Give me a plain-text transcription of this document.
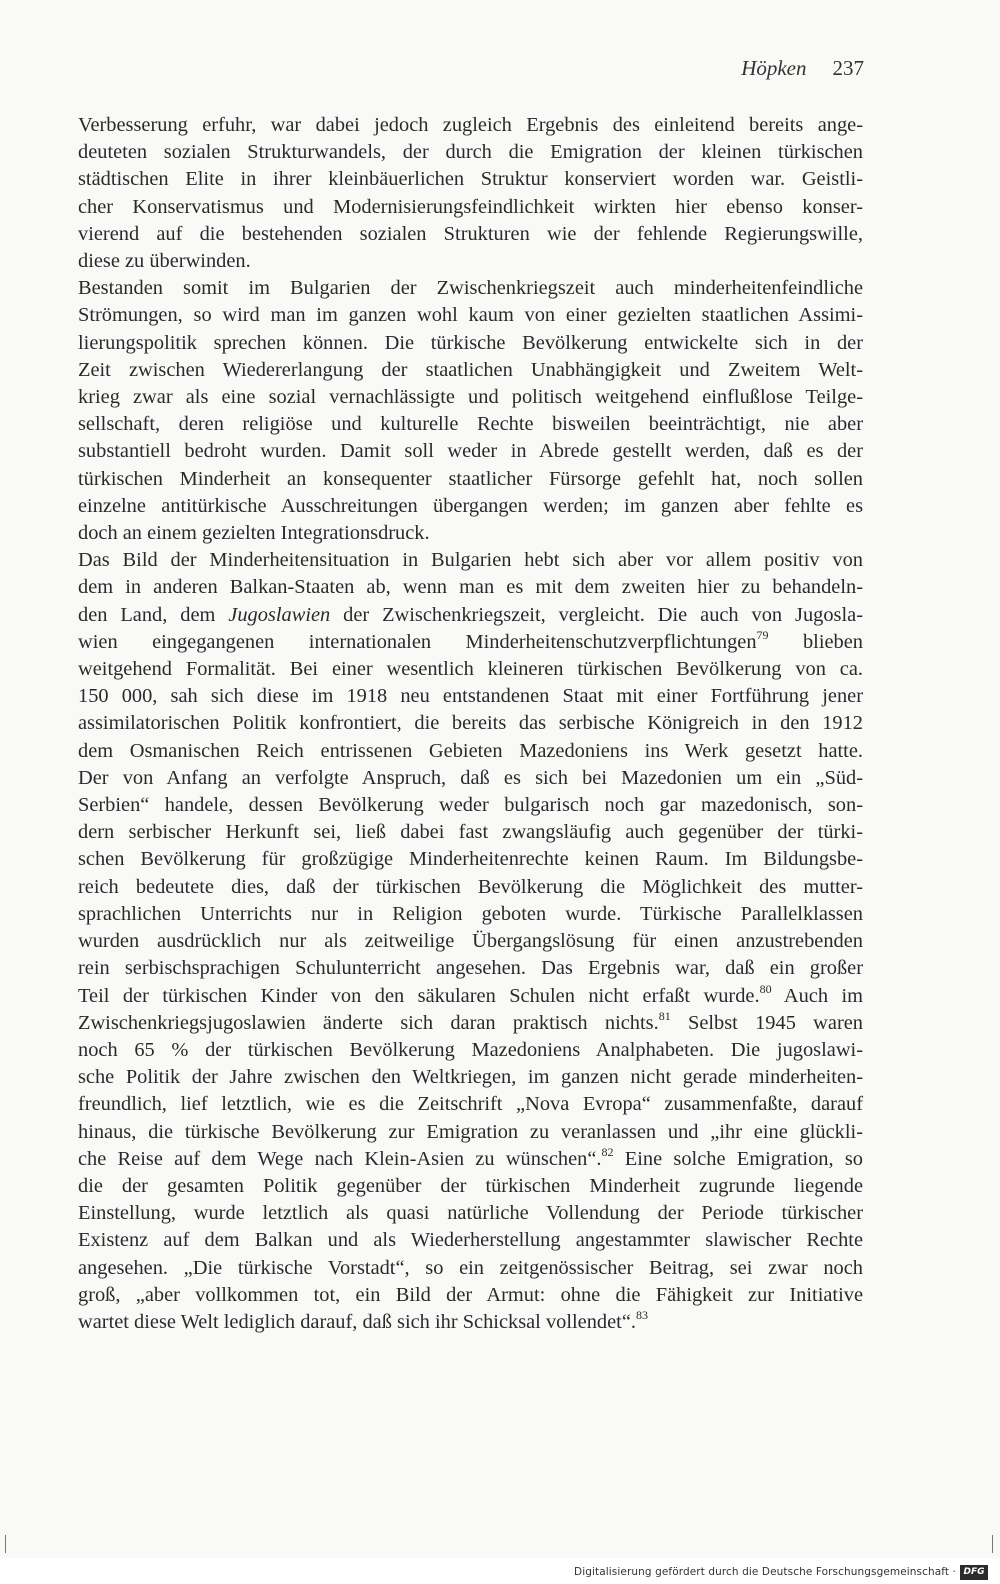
Höpken 237
Verbesserung erfuhr, war dabei jedoch zugleich Ergebnis des einleitend bereits ange-
deuteten sozialen Strukturwandels, der durch die Emigration der kleinen türkischen
städtischen Elite in ihrer kleinbäuerlichen Struktur konserviert worden war. Geistli-
cher Konservatismus und Modernisierungsfeindlichkeit wirkten hier ebenso konser-
vierend auf die bestehenden sozialen Strukturen wie der fehlende Regierungswille,
diese zu überwinden.
Bestanden somit im Bulgarien der Zwischenkriegszeit auch minderheitenfeindliche
Strömungen, so wird man im ganzen wohl kaum von einer gezielten staatlichen Assimi-
lierungspolitik sprechen können. Die türkische Bevölkerung entwickelte sich in der
Zeit zwischen Wiedererlangung der staatlichen Unabhängigkeit und Zweitem Welt-
krieg zwar als eine sozial vernachlässigte und politisch weitgehend einflußlose Teilge-
sellschaft, deren religiöse und kulturelle Rechte bisweilen beeinträchtigt, nie aber
substantiell bedroht wurden. Damit soll weder in Abrede gestellt werden, daß es der
türkischen Minderheit an konsequenter staatlicher Fürsorge gefehlt hat, noch sollen
einzelne antitürkische Ausschreitungen übergangen werden; im ganzen aber fehlte es
doch an einem gezielten Integrationsdruck.
Das Bild der Minderheitensituation in Bulgarien hebt sich aber vor allem positiv von
dem in anderen Balkan-Staaten ab, wenn man es mit dem zweiten hier zu behandeln-
den Land, dem Jugoslawien der Zwischenkriegszeit, vergleicht. Die auch von Jugosla-
wien eingegangenen internationalen Minderheitenschutzverpflichtungen$^{79}$ blieben
weitgehend Formalität. Bei einer wesentlich kleineren türkischen Bevölkerung von ca.
150 000, sah sich diese im 1918 neu entstandenen Staat mit einer Fortführung jener
assimilatorischen Politik konfrontiert, die bereits das serbische Königreich in den 1912
dem Osmanischen Reich entrissenen Gebieten Mazedoniens ins Werk gesetzt hatte.
Der von Anfang an verfolgte Anspruch, daß es sich bei Mazedonien um ein „Süd-
Serbien“ handele, dessen Bevölkerung weder bulgarisch noch gar mazedonisch, son-
dern serbischer Herkunft sei, ließ dabei fast zwangsläufig auch gegenüber der türki-
schen Bevölkerung für großzügige Minderheitenrechte keinen Raum. Im Bildungsbe-
reich bedeutete dies, daß der türkischen Bevölkerung die Möglichkeit des mutter-
sprachlichen Unterrichts nur in Religion geboten wurde. Türkische Parallelklassen
wurden ausdrücklich nur als zeitweilige Übergangslösung für einen anzustrebenden
rein serbischsprachigen Schulunterricht angesehen. Das Ergebnis war, daß ein großer
Teil der türkischen Kinder von den säkularen Schulen nicht erfaßt wurde.$^{80}$ Auch im
Zwischenkriegsjugoslawien änderte sich daran praktisch nichts.$^{81}$ Selbst 1945 waren
noch 65 % der türkischen Bevölkerung Mazedoniens Analphabeten. Die jugoslawi-
sche Politik der Jahre zwischen den Weltkriegen, im ganzen nicht gerade minderheiten-
freundlich, lief letztlich, wie es die Zeitschrift „Nova Evropa“ zusammenfaßte, darauf
hinaus, die türkische Bevölkerung zur Emigration zu veranlassen und „ihr eine glückli-
che Reise auf dem Wege nach Klein-Asien zu wünschen“.$^{82}$ Eine solche Emigration, so
die der gesamten Politik gegenüber der türkischen Minderheit zugrunde liegende
Einstellung, wurde letztlich als quasi natürliche Vollendung der Periode türkischer
Existenz auf dem Balkan und als Wiederherstellung angestammter slawischer Rechte
angesehen. „Die türkische Vorstadt“, so ein zeitgenössischer Beitrag, sei zwar noch
groß, „aber vollkommen tot, ein Bild der Armut: ohne die Fähigkeit zur Initiative
wartet diese Welt lediglich darauf, daß sich ihr Schicksal vollendet“.$^{83}$
Digitalisierung gefördert durch die Deutsche Forschungsgemeinschaft · DFG
